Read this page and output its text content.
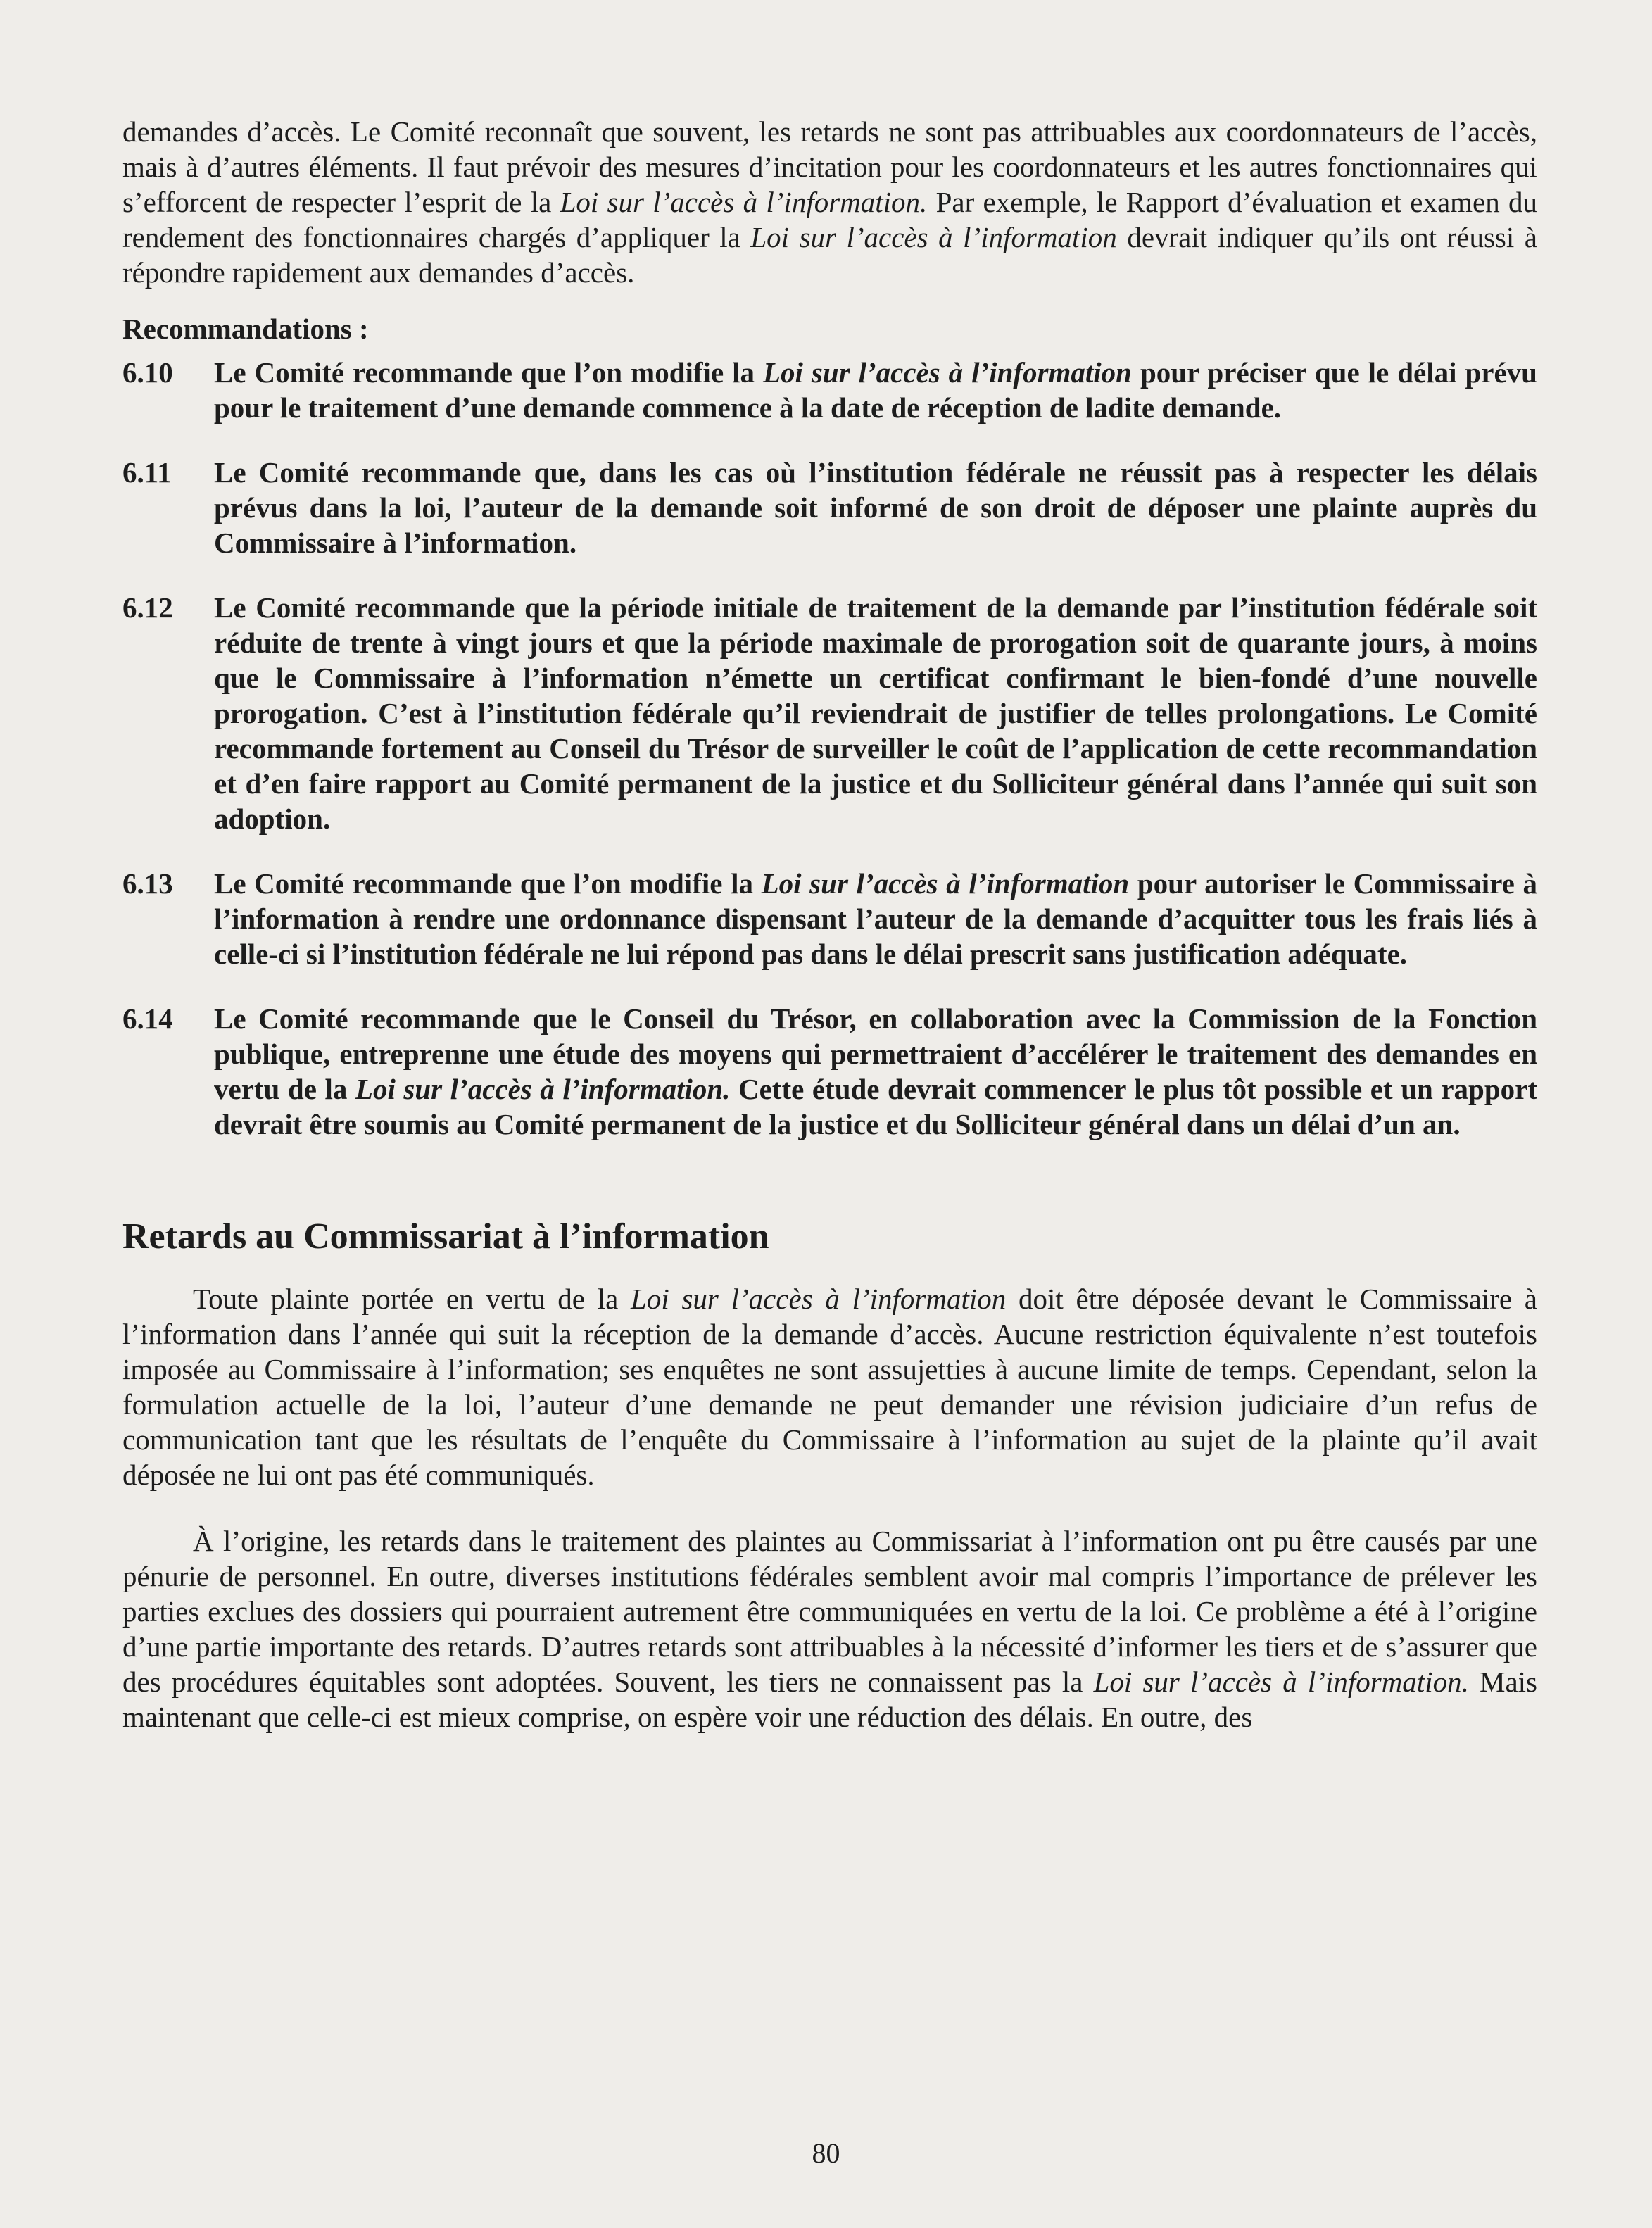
demandes d’accès. Le Comité reconnaît que souvent, les retards ne sont pas attribuables aux coordonnateurs de l’accès, mais à d’autres éléments. Il faut prévoir des mesures d’incitation pour les coordonnateurs et les autres fonctionnaires qui s’efforcent de respecter l’esprit de la Loi sur l’accès à l’information. Par exemple, le Rapport d’évaluation et examen du rendement des fonctionnaires chargés d’appliquer la Loi sur l’accès à l’information devrait indiquer qu’ils ont réussi à répondre rapidement aux demandes d’accès.

Recommandations :
6.10	Le Comité recommande que l’on modifie la Loi sur l’accès à l’information pour préciser que le délai prévu pour le traitement d’une demande commence à la date de réception de ladite demande.

6.11	Le Comité recommande que, dans les cas où l’institution fédérale ne réussit pas à respecter les délais prévus dans la loi, l’auteur de la demande soit informé de son droit de déposer une plainte auprès du Commissaire à l’information.

6.12	Le Comité recommande que la période initiale de traitement de la demande par l’institution fédérale soit réduite de trente à vingt jours et que la période maximale de prorogation soit de quarante jours, à moins que le Commissaire à l’information n’émette un certificat confirmant le bien-fondé d’une nouvelle prorogation. C’est à l’institution fédérale qu’il reviendrait de justifier de telles prolongations. Le Comité recommande fortement au Conseil du Trésor de surveiller le coût de l’application de cette recommandation et d’en faire rapport au Comité permanent de la justice et du Solliciteur général dans l’année qui suit son adoption.

6.13	Le Comité recommande que l’on modifie la Loi sur l’accès à l’information pour autoriser le Commissaire à l’information à rendre une ordonnance dispensant l’auteur de la demande d’acquitter tous les frais liés à celle-ci si l’institution fédérale ne lui répond pas dans le délai prescrit sans justification adéquate.

6.14	Le Comité recommande que le Conseil du Trésor, en collaboration avec la Commission de la Fonction publique, entreprenne une étude des moyens qui permettraient d’accélérer le traitement des demandes en vertu de la Loi sur l’accès à l’information. Cette étude devrait commencer le plus tôt possible et un rapport devrait être soumis au Comité permanent de la justice et du Solliciteur général dans un délai d’un an.

Retards au Commissariat à l’information

Toute plainte portée en vertu de la Loi sur l’accès à l’information doit être déposée devant le Commissaire à l’information dans l’année qui suit la réception de la demande d’accès. Aucune restriction équivalente n’est toutefois imposée au Commissaire à l’information; ses enquêtes ne sont assujetties à aucune limite de temps. Cependant, selon la formulation actuelle de la loi, l’auteur d’une demande ne peut demander une révision judiciaire d’un refus de communication tant que les résultats de l’enquête du Commissaire à l’information au sujet de la plainte qu’il avait déposée ne lui ont pas été communiqués.

À l’origine, les retards dans le traitement des plaintes au Commissariat à l’information ont pu être causés par une pénurie de personnel. En outre, diverses institutions fédérales semblent avoir mal compris l’importance de prélever les parties exclues des dossiers qui pourraient autrement être communiquées en vertu de la loi. Ce problème a été à l’origine d’une partie importante des retards. D’autres retards sont attribuables à la nécessité d’informer les tiers et de s’assurer que des procédures équitables sont adoptées. Souvent, les tiers ne connaissent pas la Loi sur l’accès à l’information. Mais maintenant que celle-ci est mieux comprise, on espère voir une réduction des délais. En outre, des

80
